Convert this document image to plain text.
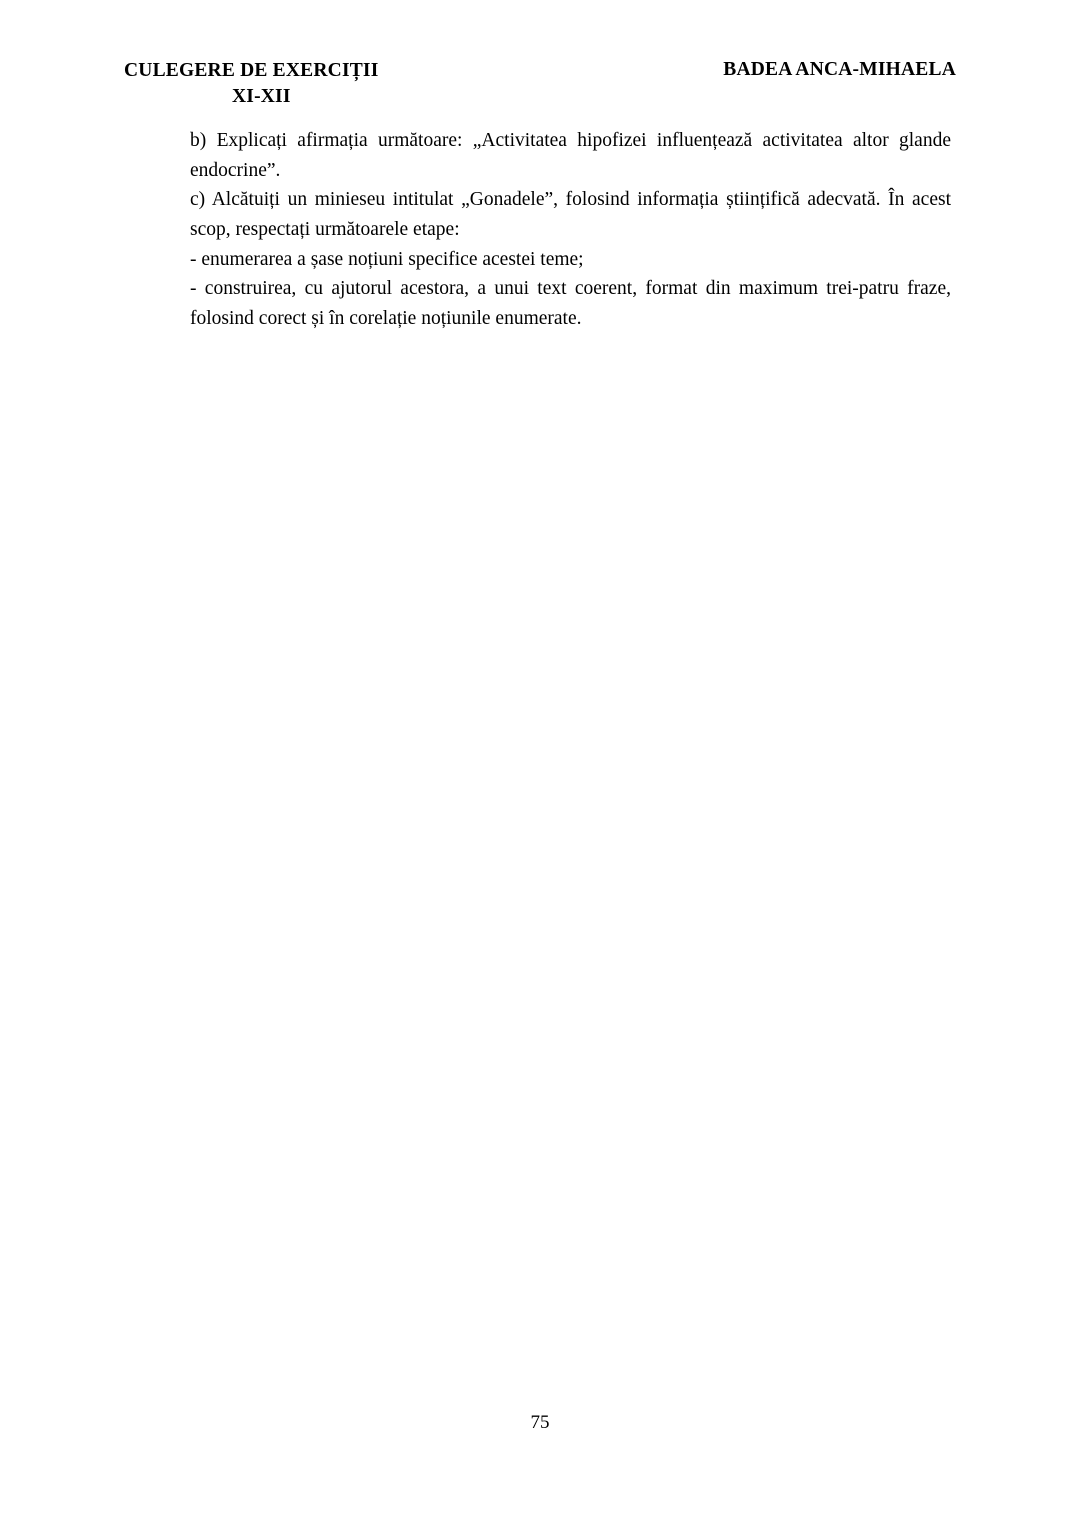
CULEGERE DE EXERCIȚII
XI-XII
BADEA ANCA-MIHAELA

b) Explicați afirmația următoare: „Activitatea hipofizei influențează activitatea altor glande endocrine”.

c) Alcătuiți un minieseu intitulat „Gonadele”, folosind informația științifică adecvată. În acest scop, respectați următoarele etape:

- enumerarea a șase noțiuni specifice acestei teme;

- construirea, cu ajutorul acestora, a unui text coerent, format din maximum trei-patru fraze, folosind corect și în corelație noțiunile enumerate.

75
